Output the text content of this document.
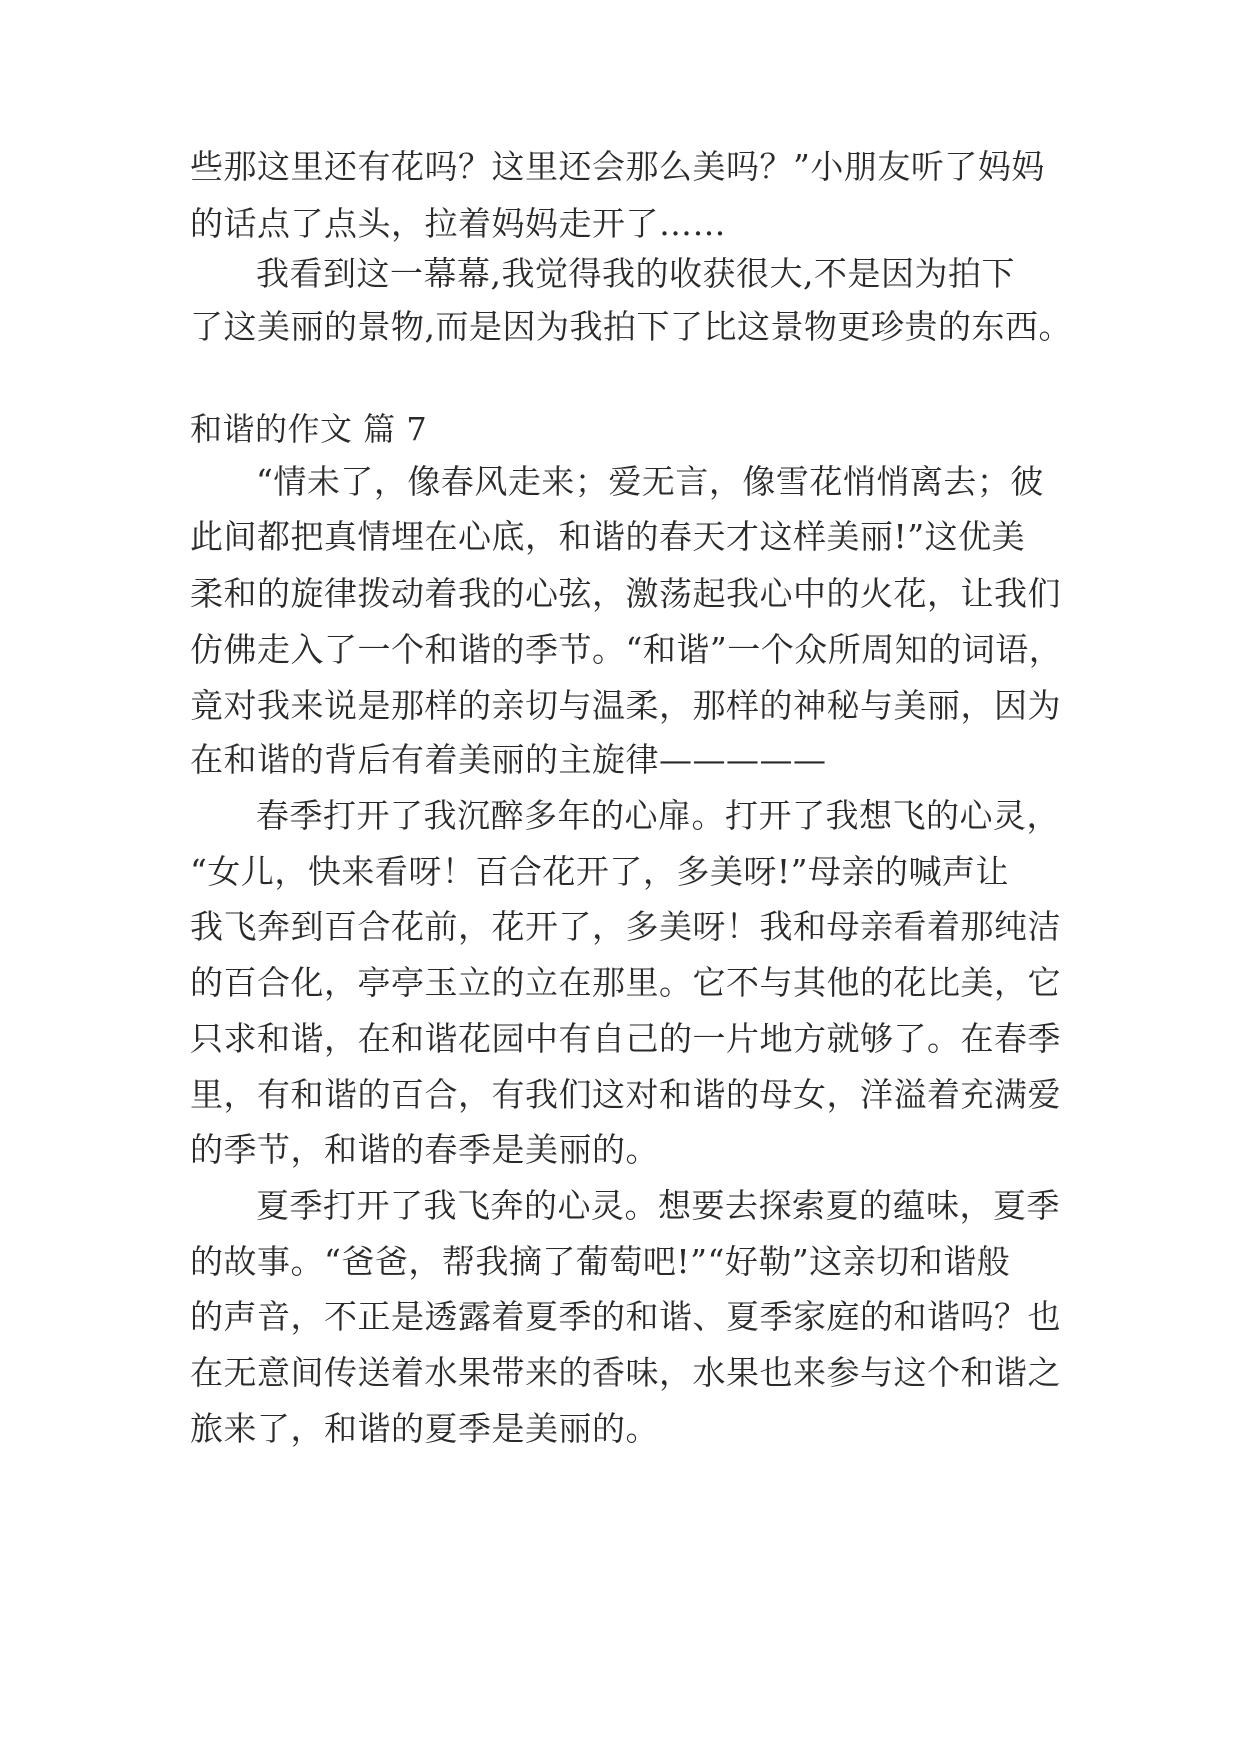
些那这里还有花吗？这里还会那么美吗？”小朋友听了妈妈
的话点了点头，拉着妈妈走开了……
我看到这一幕幕,我觉得我的收获很大,不是因为拍下
了这美丽的景物,而是因为我拍下了比这景物更珍贵的东西。
和谐的作文 篇 7
“情未了，像春风走来；爱无言，像雪花悄悄离去；彼
此间都把真情埋在心底，和谐的春天才这样美丽!”这优美
柔和的旋律拨动着我的心弦，激荡起我心中的火花，让我们
仿佛走入了一个和谐的季节。“和谐”一个众所周知的词语，
竟对我来说是那样的亲切与温柔，那样的神秘与美丽，因为
在和谐的背后有着美丽的主旋律—————
春季打开了我沉醉多年的心扉。打开了我想飞的心灵，
“女儿，快来看呀！百合花开了，多美呀!”母亲的喊声让
我飞奔到百合花前，花开了，多美呀！我和母亲看着那纯洁
的百合化，亭亭玉立的立在那里。它不与其他的花比美，它
只求和谐，在和谐花园中有自己的一片地方就够了。在春季
里，有和谐的百合，有我们这对和谐的母女，洋溢着充满爱
的季节，和谐的春季是美丽的。
夏季打开了我飞奔的心灵。想要去探索夏的蕴味，夏季
的故事。“爸爸，帮我摘了葡萄吧!”“好勒”这亲切和谐般
的声音，不正是透露着夏季的和谐、夏季家庭的和谐吗？也
在无意间传送着水果带来的香味，水果也来参与这个和谐之
旅来了，和谐的夏季是美丽的。
